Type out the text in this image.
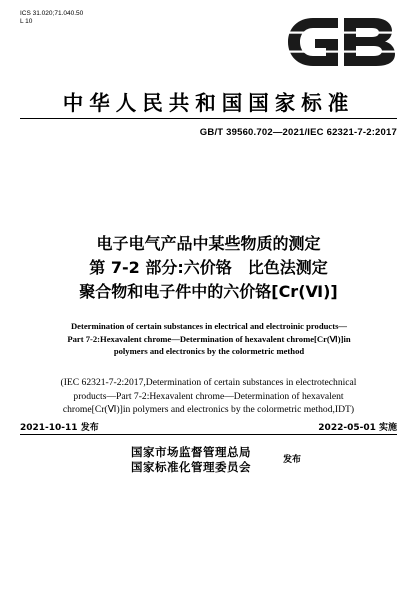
ICS 31.020;71.040.50
L 10
中华人民共和国国家标准
GB/T 39560.702—2021/IEC 62321-7-2:2017
电子电气产品中某些物质的测定
第 7-2 部分:六价铬　比色法测定
聚合物和电子件中的六价铬[Cr(Ⅵ)]
Determination of certain substances in electrical and electroinic products—
Part 7-2:Hexavalent chrome—Determination of hexavalent chrome[Cr(Ⅵ)]in
polymers and electronics by the colormetric method
(IEC 62321-7-2:2017,Determination of certain substances in electrotechnical
products—Part 7-2:Hexavalent chrome—Determination of hexavalent
chrome[Cr(Ⅵ)]in polymers and electronics by the colormetric method,IDT)
2021-10-11 发布	2022-05-01 实施
国家市场监督管理总局
国家标准化管理委员会	发布
